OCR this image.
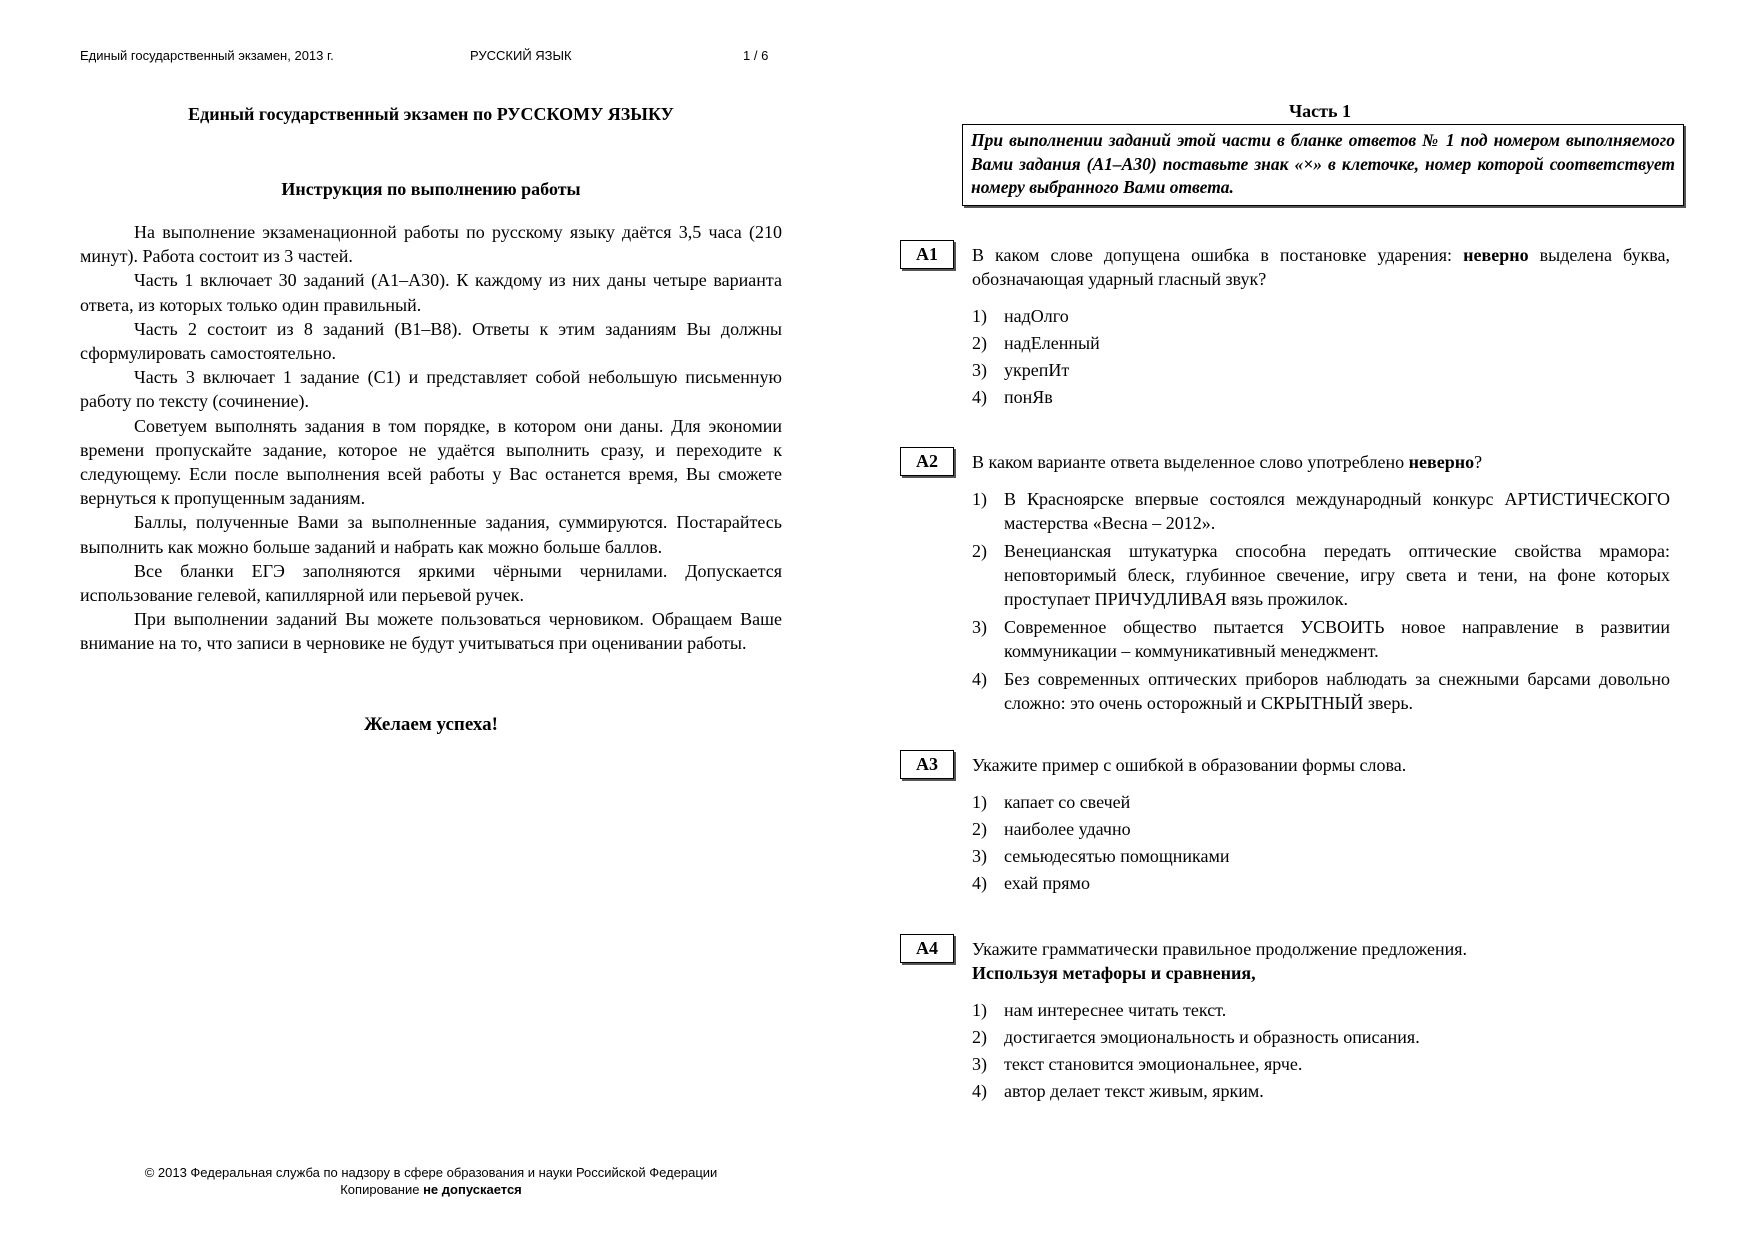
Единый государственный экзамен, 2013 г.	РУССКИЙ ЯЗЫК	1 / 6
Единый государственный экзамен по РУССКОМУ ЯЗЫКУ
Инструкция по выполнению работы

На выполнение экзаменационной работы по русскому языку даётся 3,5 часа (210 минут). Работа состоит из 3 частей.

Часть 1 включает 30 заданий (А1–А30). К каждому из них даны четыре варианта ответа, из которых только один правильный.

Часть 2 состоит из 8 заданий (В1–В8). Ответы к этим заданиям Вы должны сформулировать самостоятельно.

Часть 3 включает 1 задание (С1) и представляет собой небольшую письменную работу по тексту (сочинение).

Советуем выполнять задания в том порядке, в котором они даны. Для экономии времени пропускайте задание, которое не удаётся выполнить сразу, и переходите к следующему. Если после выполнения всей работы у Вас останется время, Вы сможете вернуться к пропущенным заданиям.

Баллы, полученные Вами за выполненные задания, суммируются. Постарайтесь выполнить как можно больше заданий и набрать как можно больше баллов.

Все бланки ЕГЭ заполняются яркими чёрными чернилами. Допускается использование гелевой, капиллярной или перьевой ручек.

При выполнении заданий Вы можете пользоваться черновиком. Обращаем Ваше внимание на то, что записи в черновике не будут учитываться при оценивании работы.

Желаем успеха!
© 2013 Федеральная служба по надзору в сфере образования и науки Российской Федерации
Копирование не допускается
Часть 1
При выполнении заданий этой части в бланке ответов № 1 под номером выполняемого Вами задания (А1–А30) поставьте знак «×» в клеточке, номер которой соответствует номеру выбранного Вами ответа.
А1	В каком слове допущена ошибка в постановке ударения: неверно выделена буква, обозначающая ударный гласный звук?
1) надОлго
2) надЕленный
3) укрепИт
4) понЯв
А2	В каком варианте ответа выделенное слово употреблено неверно?
1) В Красноярске впервые состоялся международный конкурс АРТИСТИЧЕСКОГО мастерства «Весна – 2012».
2) Венецианская штукатурка способна передать оптические свойства мрамора: неповторимый блеск, глубинное свечение, игру света и тени, на фоне которых проступает ПРИЧУДЛИВАЯ вязь прожилок.
3) Современное общество пытается УСВОИТЬ новое направление в развитии коммуникации – коммуникативный менеджмент.
4) Без современных оптических приборов наблюдать за снежными барсами довольно сложно: это очень осторожный и СКРЫТНЫЙ зверь.
А3	Укажите пример с ошибкой в образовании формы слова.
1) капает со свечей
2) наиболее удачно
3) семьюдесятью помощниками
4) ехай прямо
А4	Укажите грамматически правильное продолжение предложения.
Используя метафоры и сравнения,
1) нам интереснее читать текст.
2) достигается эмоциональность и образность описания.
3) текст становится эмоциональнее, ярче.
4) автор делает текст живым, ярким.
